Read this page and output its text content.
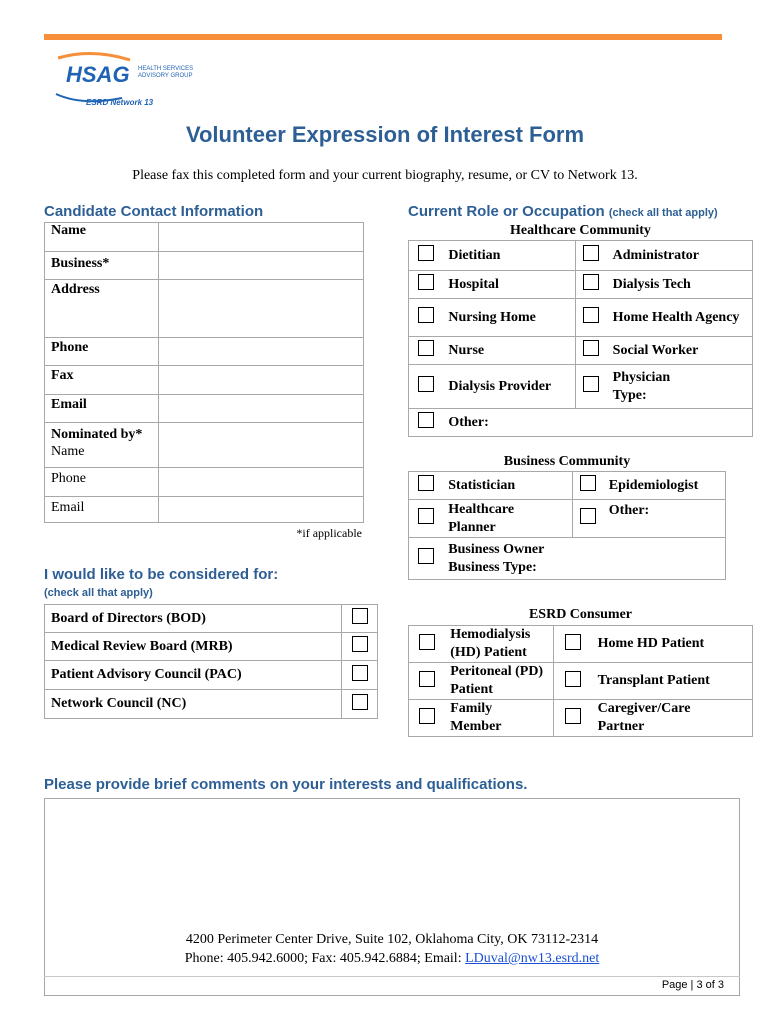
HSAG
ESRD Network 13
HEALTH SERVICES ADVISORY GROUP
Volunteer Expression of Interest Form
Please fax this completed form and your current biography, resume, or CV to Network 13.
Candidate Contact Information
Name	
Business*	
Address	
Phone	
Fax	
Email	
Nominated by*
Name	
Phone	
Email	
*if applicable
I would like to be considered for:
(check all that apply)
Board of Directors (BOD)	
Medical Review Board (MRB)	
Patient Advisory Council (PAC)	
Network Council (NC)	
Current Role or Occupation (check all that apply)
Healthcare Community
	Dietitian		Administrator
	Hospital		Dialysis Tech
	Nursing Home		Home Health Agency
	Nurse		Social Worker
	Dialysis Provider		Physician Type:
	Other:		
Business Community
	Statistician		Epidemiologist
	Healthcare Planner		Other:
	Business Owner Business Type:		
ESRD Consumer
	Hemodialysis (HD) Patient		Home HD Patient
	Peritoneal (PD) Patient		Transplant Patient
	Family Member		Caregiver/Care Partner
Please provide brief comments on your interests and qualifications.
4200 Perimeter Center Drive, Suite 102, Oklahoma City, OK 73112-2314
Phone: 405.942.6000; Fax: 405.942.6884; Email: LDuval@nw13.esrd.net
Page | 3 of 3
